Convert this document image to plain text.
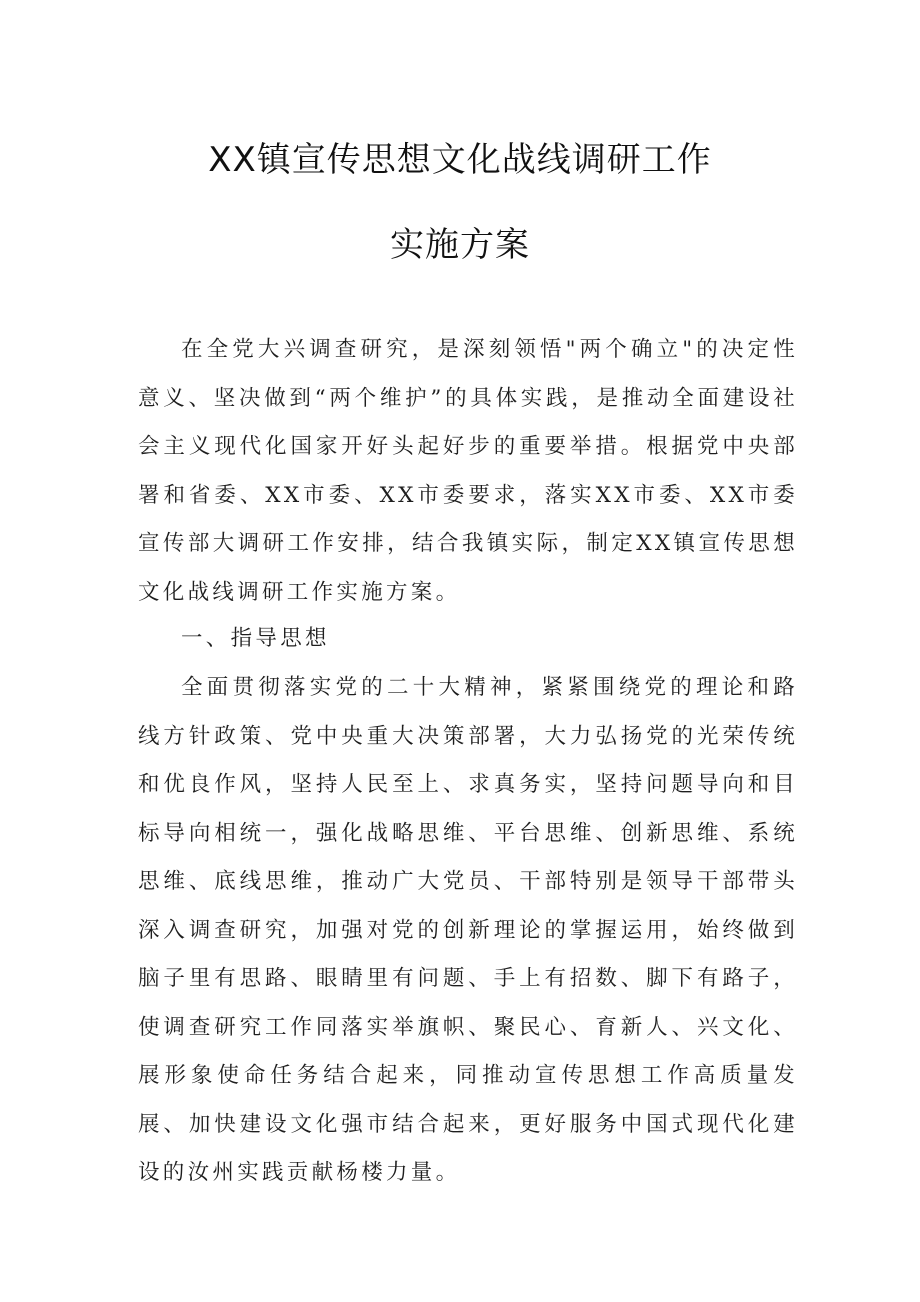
XX镇宣传思想文化战线调研工作
实施方案

在全党大兴调查研究，是深刻领悟"两个确立"的决定性意义、坚决做到“两个维护”的具体实践，是推动全面建设社会主义现代化国家开好头起好步的重要举措。根据党中央部署和省委、XX市委、XX市委要求，落实XX市委、XX市委宣传部大调研工作安排，结合我镇实际，制定XX镇宣传思想文化战线调研工作实施方案。

一、指导思想

全面贯彻落实党的二十大精神，紧紧围绕党的理论和路线方针政策、党中央重大决策部署，大力弘扬党的光荣传统和优良作风，坚持人民至上、求真务实，坚持问题导向和目标导向相统一，强化战略思维、平台思维、创新思维、系统思维、底线思维，推动广大党员、干部特别是领导干部带头深入调查研究，加强对党的创新理论的掌握运用，始终做到脑子里有思路、眼睛里有问题、手上有招数、脚下有路子，使调查研究工作同落实举旗帜、聚民心、育新人、兴文化、展形象使命任务结合起来，同推动宣传思想工作高质量发展、加快建设文化强市结合起来，更好服务中国式现代化建设的汝州实践贡献杨楼力量。
